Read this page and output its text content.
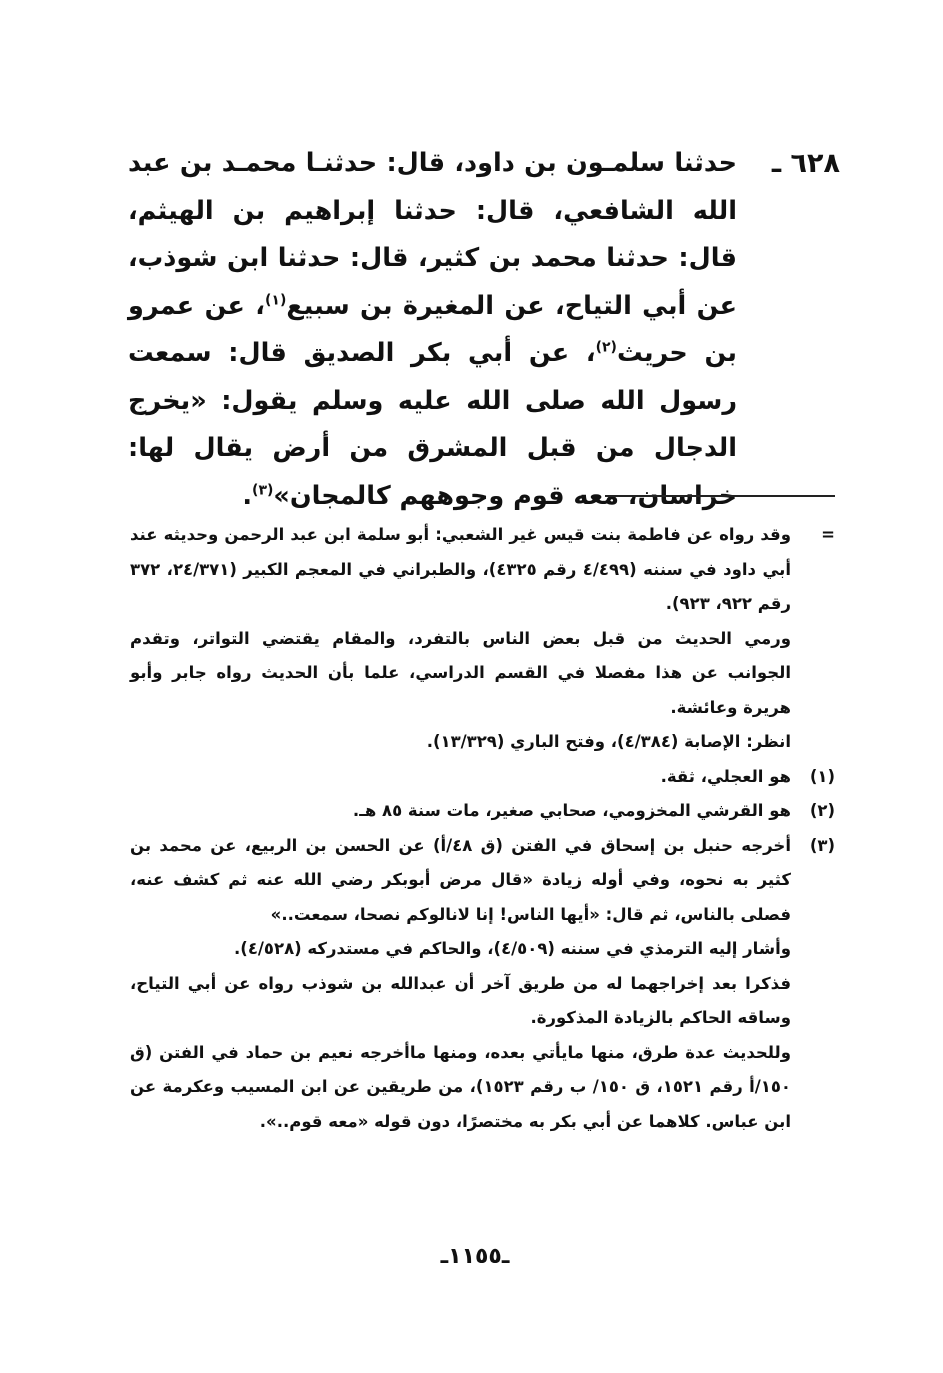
٦٢٨ ـ
حدثنا سلمـون بن داود، قال: حدثنـا محمـد بن عبد الله الشافعي، قال: حدثنا إبراهيم بن الهيثم، قال: حدثنا محمد بن كثير، قال: حدثنا ابن شوذب، عن أبي التياح، عن المغيرة بن سبيع$^{(١)}$، عن عمرو بن حريث$^{(٢)}$، عن أبي بكر الصديق قال: سمعت رسول الله صلى الله عليه وسلم يقول: «يخرج الدجال من قبل المشرق من أرض يقال لها: خراسان، معه قوم وجوههم كالمجان»$^{(٣)}$.
=

وقد رواه عن فاطمة بنت قيس غير الشعبي: أبو سلمة ابن عبد الرحمن وحديثه عند أبي داود في سننه (٤/٤٩٩ رقم ٤٣٢٥)، والطبراني في المعجم الكبير (٢٤/٣٧١، ٣٧٢ رقم ٩٢٢، ٩٢٣).

ورمي الحديث من قبل بعض الناس بالتفرد، والمقام يقتضي التواتر، وتقدم الجوانب عن هذا مفصلا في القسم الدراسي، علما بأن الحديث رواه جابر وأبو هريرة وعائشة.

انظر: الإصابة (٤/٣٨٤)، وفتح الباري (١٣/٣٢٩).

(١)

هو العجلي، ثقة.

(٢)

هو القرشي المخزومي، صحابي صغير، مات سنة ٨٥ هـ.

(٣)

أخرجه حنبل بن إسحاق في الفتن (ق ٤٨/أ) عن الحسن بن الربيع، عن محمد بن كثير به نحوه، وفي أوله زيادة «قال مرض أبوبكر رضي الله عنه ثم كشف عنه، فصلى بالناس، ثم قال: «أيها الناس! إنا لانالوكم نصحا، سمعت..»

وأشار إليه الترمذي في سننه (٤/٥٠٩)، والحاكم في مستدركه (٤/٥٢٨).

فذكرا بعد إخراجهما له من طريق آخر أن عبدالله بن شوذب رواه عن أبي التياح، وساقه الحاكم بالزيادة المذكورة.

وللحديث عدة طرق، منها مايأتي بعده، ومنها ماأخرجه نعيم بن حماد في الفتن (ق ١٥٠/أ رقم ١٥٢١، ق ١٥٠/ ب رقم ١٥٢٣)، من طريقين عن ابن المسيب وعكرمة عن ابن عباس. كلاهما عن أبي بكر به مختصرًا، دون قوله «معه قوم..».

ـ١١٥٥ـ
